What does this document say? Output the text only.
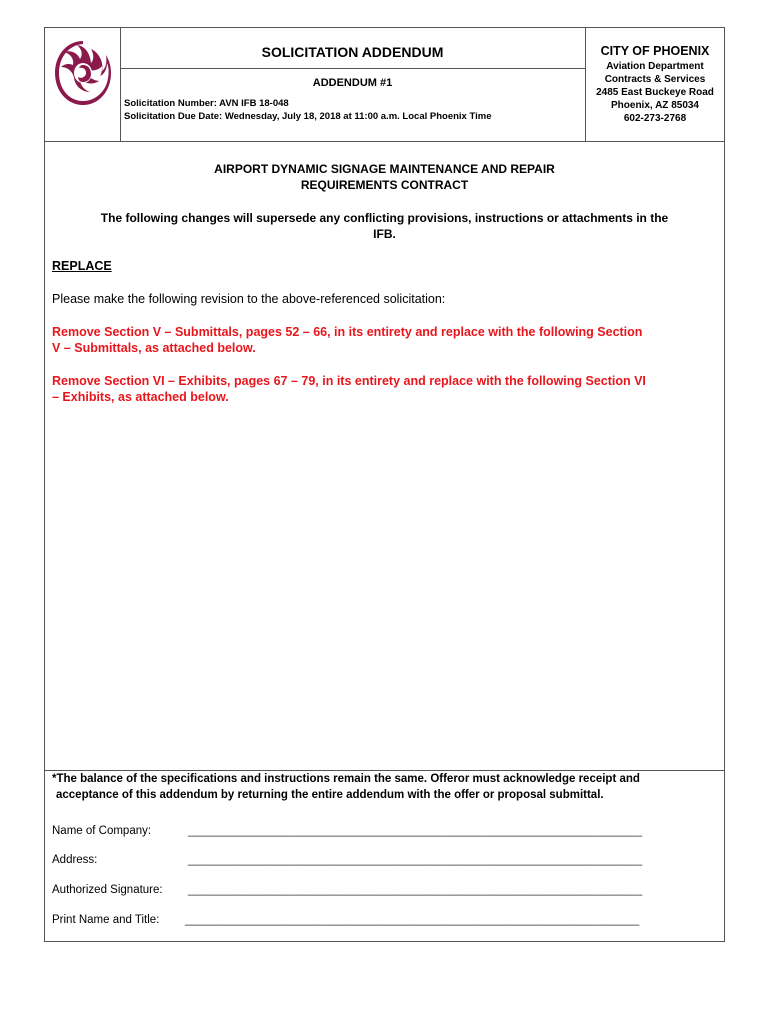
SOLICITATION ADDENDUM
ADDENDUM #1
Solicitation Number: AVN IFB 18-048
Solicitation Due Date: Wednesday, July 18, 2018 at 11:00 a.m. Local Phoenix Time
CITY OF PHOENIX
Aviation Department
Contracts & Services
2485 East Buckeye Road
Phoenix, AZ 85034
602-273-2768
AIRPORT DYNAMIC SIGNAGE MAINTENANCE AND REPAIR
REQUIREMENTS CONTRACT
The following changes will supersede any conflicting provisions, instructions or attachments in the
IFB.
REPLACE
Please make the following revision to the above-referenced solicitation:
Remove Section V – Submittals, pages 52 – 66, in its entirety and replace with the following Section
V – Submittals, as attached below.
Remove Section VI – Exhibits, pages 67 – 79, in its entirety and replace with the following Section VI
– Exhibits, as attached below.
*The balance of the specifications and instructions remain the same. Offeror must acknowledge receipt and
acceptance of this addendum by returning the entire addendum with the offer or proposal submittal.
Name of Company:	_______________________________________________________________________
Address:	_______________________________________________________________________
Authorized Signature: _______________________________________________________________________
Print Name and Title: _______________________________________________________________________
